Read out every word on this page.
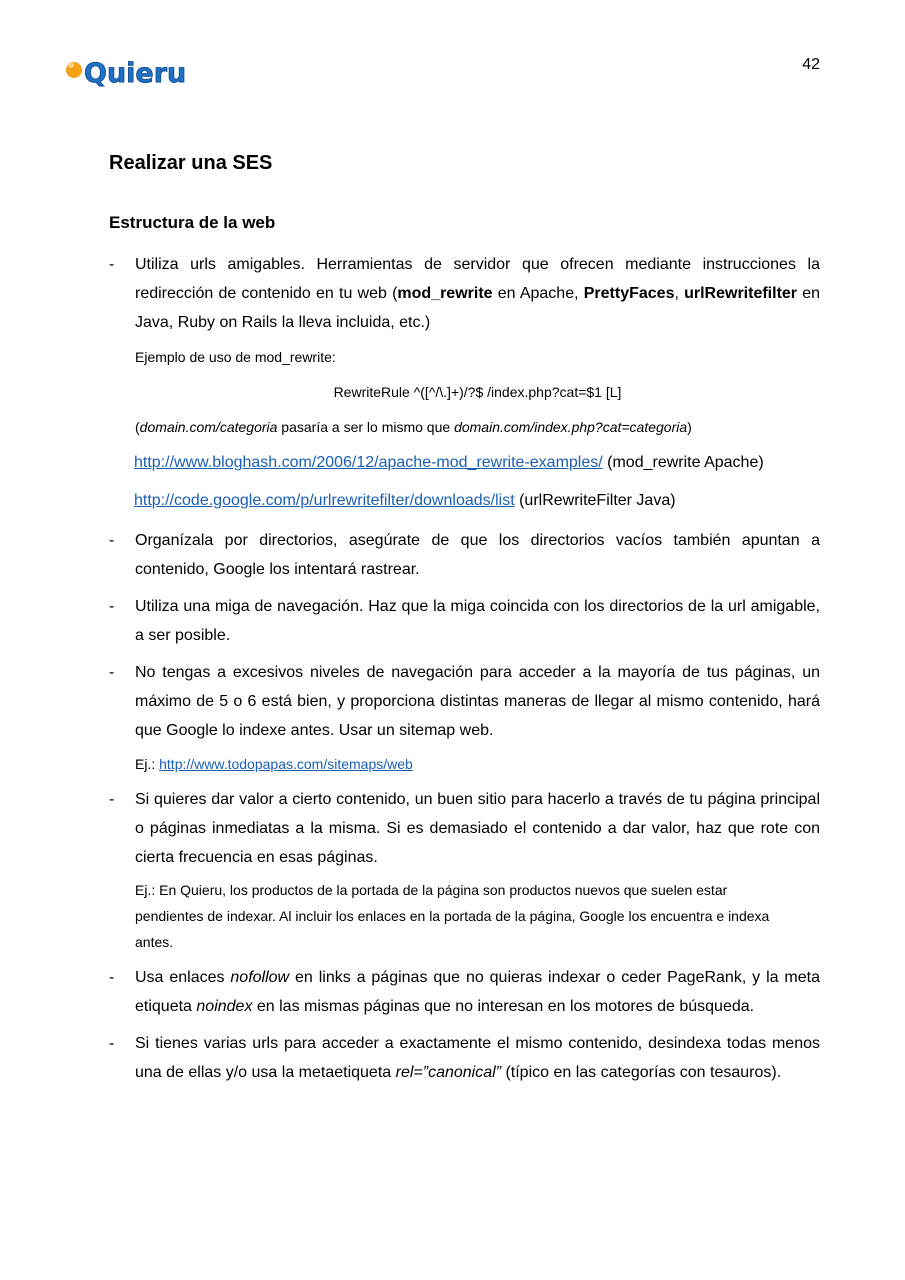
Quieru	42
Realizar una SES
Estructura de la web
- Utiliza urls amigables. Herramientas de servidor que ofrecen mediante instrucciones la redirección de contenido en tu web (mod_rewrite en Apache, PrettyFaces, urlRewritefilter en Java, Ruby on Rails la lleva incluida, etc.)
Ejemplo de uso de mod_rewrite:
RewriteRule ^([^/\.]+)/?$ /index.php?cat=$1 [L]
(domain.com/categoria pasaría a ser lo mismo que domain.com/index.php?cat=categoria)
http://www.bloghash.com/2006/12/apache-mod_rewrite-examples/ (mod_rewrite Apache)
http://code.google.com/p/urlrewritefilter/downloads/list (urlRewriteFilter Java)
- Organízala por directorios, asegúrate de que los directorios vacíos también apuntan a contenido, Google los intentará rastrear.
- Utiliza una miga de navegación. Haz que la miga coincida con los directorios de la url amigable, a ser posible.
- No tengas a excesivos niveles de navegación para acceder a la mayoría de tus páginas, un máximo de 5 o 6 está bien, y proporciona distintas maneras de llegar al mismo contenido, hará que Google lo indexe antes. Usar un sitemap web.
Ej.: http://www.todopapas.com/sitemaps/web
- Si quieres dar valor a cierto contenido, un buen sitio para hacerlo a través de tu página principal o páginas inmediatas a la misma. Si es demasiado el contenido a dar valor, haz que rote con cierta frecuencia en esas páginas.
Ej.: En Quieru, los productos de la portada de la página son productos nuevos que suelen estar pendientes de indexar. Al incluir los enlaces en la portada de la página, Google los encuentra e indexa antes.
- Usa enlaces nofollow en links a páginas que no quieras indexar o ceder PageRank, y la meta etiqueta noindex en las mismas páginas que no interesan en los motores de búsqueda.
- Si tienes varias urls para acceder a exactamente el mismo contenido, desindexa todas menos una de ellas y/o usa la metaetiqueta rel=”canonical” (típico en las categorías con tesauros).
